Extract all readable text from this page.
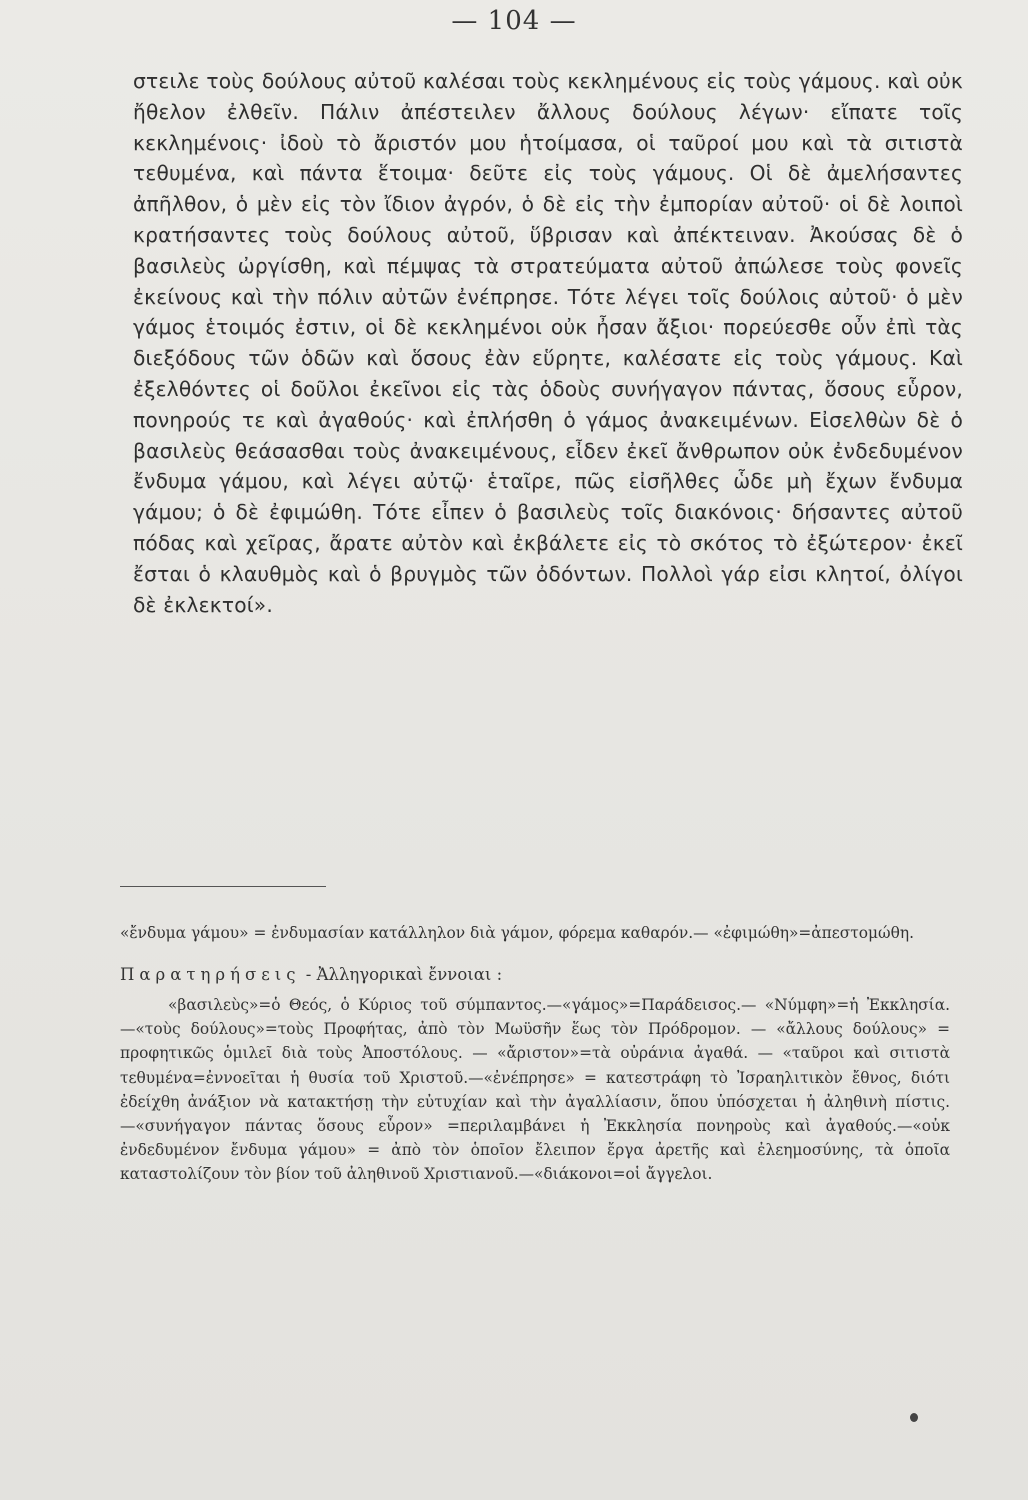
— 104 —

στειλε τοὺς δούλους αὐτοῦ καλέσαι τοὺς κεκλημένους εἰς τοὺς γάμους. καὶ οὐκ ἤθελον ἐλθεῖν. Πάλιν ἀπέστειλεν ἄλλους δούλους λέγων· εἴπατε τοῖς κεκλημένοις· ἰδοὺ τὸ ἄριστόν μου ἡτοίμασα, οἱ ταῦροί μου καὶ τὰ σιτιστὰ τεθυμένα, καὶ πάντα ἕτοιμα· δεῦτε εἰς τοὺς γάμους. Οἱ δὲ ἀμελήσαντες ἀπῆλθον, ὁ μὲν εἰς τὸν ἴδιον ἀγρόν, ὁ δὲ εἰς τὴν ἐμπορίαν αὐτοῦ· οἱ δὲ λοιποὶ κρατήσαντες τοὺς δούλους αὐτοῦ, ὕβρισαν καὶ ἀπέκτειναν. Ἀκούσας δὲ ὁ βασιλεὺς ὠργίσθη, καὶ πέμψας τὰ στρατεύματα αὐτοῦ ἀπώλεσε τοὺς φονεῖς ἐκείνους καὶ τὴν πόλιν αὐτῶν ἐνέπρησε. Τότε λέγει τοῖς δούλοις αὐτοῦ· ὁ μὲν γάμος ἑτοιμός ἐστιν, οἱ δὲ κεκλημένοι οὐκ ἦσαν ἄξιοι· πορεύεσθε οὖν ἐπὶ τὰς διεξόδους τῶν ὁδῶν καὶ ὅσους ἐὰν εὕρητε, καλέσατε εἰς τοὺς γάμους. Καὶ ἐξελθόντες οἱ δοῦλοι ἐκεῖνοι εἰς τὰς ὁδοὺς συνήγαγον πάντας, ὅσους εὗρον, πονηρούς τε καὶ ἀγαθούς· καὶ ἐπλήσθη ὁ γάμος ἀνακειμένων. Εἰσελθὼν δὲ ὁ βασιλεὺς θεάσασθαι τοὺς ἀνακειμένους, εἶδεν ἐκεῖ ἄνθρωπον οὐκ ἐνδεδυμένον ἔνδυμα γάμου, καὶ λέγει αὐτῷ· ἑταῖρε, πῶς εἰσῆλθες ὧδε μὴ ἔχων ἔνδυμα γάμου; ὁ δὲ ἐφιμώθη. Τότε εἶπεν ὁ βασιλεὺς τοῖς διακόνοις· δήσαντες αὐτοῦ πόδας καὶ χεῖρας, ἄρατε αὐτὸν καὶ ἐκβάλετε εἰς τὸ σκότος τὸ ἐξώτερον· ἐκεῖ ἔσται ὁ κλαυθμὸς καὶ ὁ βρυγμὸς τῶν ὀδόντων. Πολλοὶ γάρ εἰσι κλητοί, ὀλίγοι δὲ ἐκλεκτοί».

«ἔνδυμα γάμου» = ἐνδυμασίαν κατάλληλον διὰ γάμον, φόρεμα καθαρόν.— «ἐφιμώθη»=ἀπεστομώθη.

Παρατηρήσεις - Ἀλληγορικαὶ ἔννοιαι :

«βασιλεὺς»=ὁ Θεός, ὁ Κύριος τοῦ σύμπαντος.—«γάμος»=Παράδεισος.— «Νύμφη»=ἡ Ἐκκλησία.—«τοὺς δούλους»=τοὺς Προφήτας, ἀπὸ τὸν Μωϋσῆν ἕως τὸν Πρόδρομον. — «ἄλλους δούλους» = προφητικῶς ὁμιλεῖ διὰ τοὺς Ἀποστόλους. — «ἄριστον»=τὰ οὐράνια ἀγαθά. — «ταῦροι καὶ σιτιστὰ τεθυμένα=ἐννοεῖται ἡ θυσία τοῦ Χριστοῦ.—«ἐνέπρησε» = κατεστράφη τὸ Ἰσραηλιτικὸν ἔθνος, διότι ἐδείχθη ἀνάξιον νὰ κατακτήσῃ τὴν εὐτυχίαν καὶ τὴν ἀγαλλίασιν, ὅπου ὑπόσχεται ἡ ἀληθινὴ πίστις.—«συνήγαγον πάντας ὅσους εὗρον» =περιλαμβάνει ἡ Ἐκκλησία πονηροὺς καὶ ἀγαθούς.—«οὐκ ἐνδεδυμένον ἔνδυμα γάμου» = ἀπὸ τὸν ὁποῖον ἔλειπον ἔργα ἀρετῆς καὶ ἐλεημοσύνης, τὰ ὁποῖα καταστολίζουν τὸν βίον τοῦ ἀληθινοῦ Χριστιανοῦ.—«διάκονοι=οἱ ἄγγελοι.
